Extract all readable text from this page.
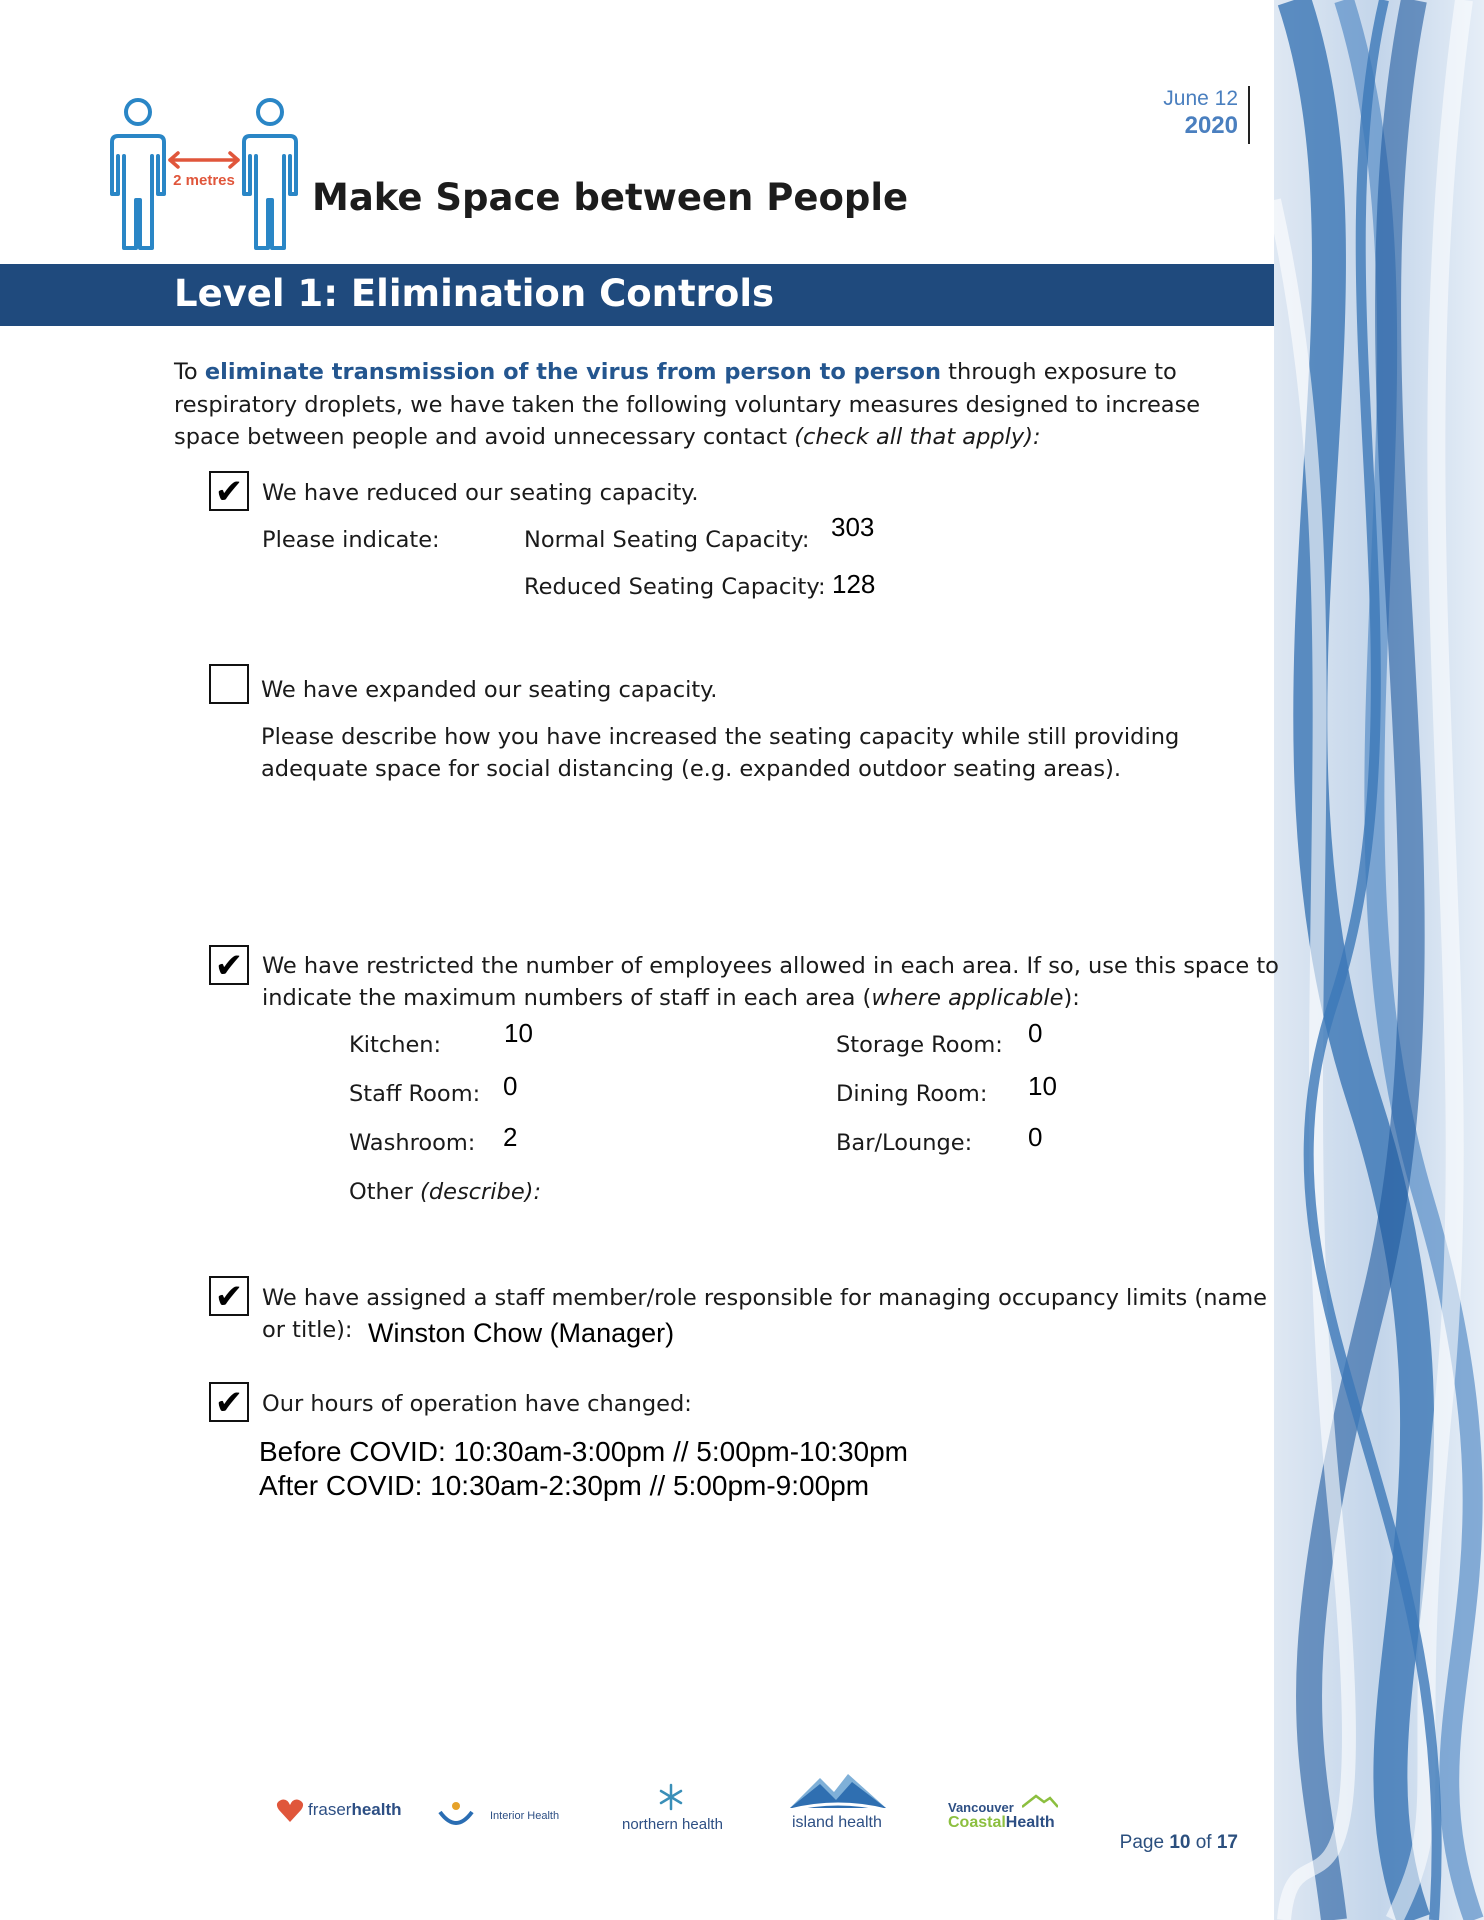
June 12
2020
2 metres Make Space between People
Level 1: Elimination Controls
To eliminate transmission of the virus from person to person through exposure to respiratory droplets, we have taken the following voluntary measures designed to increase space between people and avoid unnecessary contact (check all that apply):
✔ We have reduced our seating capacity.
Please indicate:	Normal Seating Capacity: 303
Reduced Seating Capacity: 128
We have expanded our seating capacity.
Please describe how you have increased the seating capacity while still providing
adequate space for social distancing (e.g. expanded outdoor seating areas).
✔ We have restricted the number of employees allowed in each area. If so, use this space to
indicate the maximum numbers of staff in each area (where applicable):
Kitchen: 10
Staff Room: 0
Washroom: 2
Storage Room: 0
Dining Room: 10
Bar/Lounge: 0
Other (describe):
✔ We have assigned a staff member/role responsible for managing occupancy limits (name
or title): Winston Chow (Manager)
✔ Our hours of operation have changed:
Before COVID: 10:30am-3:00pm // 5:00pm-10:30pm
After COVID: 10:30am-2:30pm // 5:00pm-9:00pm
fraserhealth	Interior Health	northern health	island health
Vancouver
CoastalHealth
Page 10 of 17
